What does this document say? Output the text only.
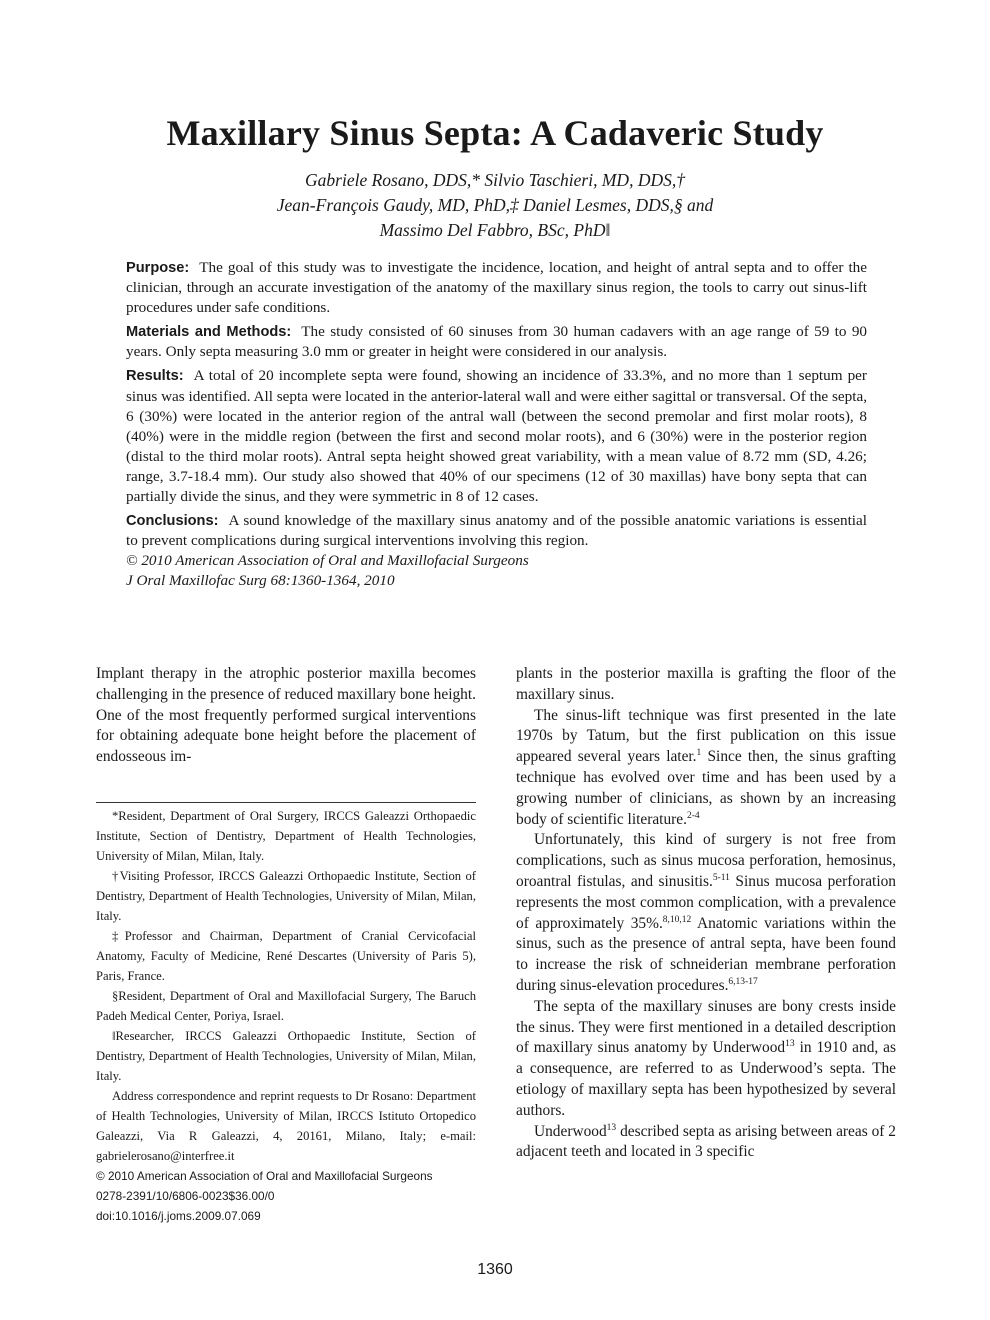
Maxillary Sinus Septa: A Cadaveric Study
Gabriele Rosano, DDS,* Silvio Taschieri, MD, DDS,†
Jean-François Gaudy, MD, PhD,‡ Daniel Lesmes, DDS,§ and
Massimo Del Fabbro, BSc, PhD‖

Purpose: The goal of this study was to investigate the incidence, location, and height of antral septa and to offer the clinician, through an accurate investigation of the anatomy of the maxillary sinus region, the tools to carry out sinus-lift procedures under safe conditions.

Materials and Methods: The study consisted of 60 sinuses from 30 human cadavers with an age range of 59 to 90 years. Only septa measuring 3.0 mm or greater in height were considered in our analysis.

Results: A total of 20 incomplete septa were found, showing an incidence of 33.3%, and no more than 1 septum per sinus was identified. All septa were located in the anterior-lateral wall and were either sagittal or transversal. Of the septa, 6 (30%) were located in the anterior region of the antral wall (between the second premolar and first molar roots), 8 (40%) were in the middle region (between the first and second molar roots), and 6 (30%) were in the posterior region (distal to the third molar roots). Antral septa height showed great variability, with a mean value of 8.72 mm (SD, 4.26; range, 3.7-18.4 mm). Our study also showed that 40% of our specimens (12 of 30 maxillas) have bony septa that can partially divide the sinus, and they were symmetric in 8 of 12 cases.

Conclusions: A sound knowledge of the maxillary sinus anatomy and of the possible anatomic variations is essential to prevent complications during surgical interventions involving this region.

© 2010 American Association of Oral and Maxillofacial Surgeons

J Oral Maxillofac Surg 68:1360-1364, 2010

Implant therapy in the atrophic posterior maxilla becomes challenging in the presence of reduced maxillary bone height. One of the most frequently performed surgical interventions for obtaining adequate bone height before the placement of endosseous im-

*Resident, Department of Oral Surgery, IRCCS Galeazzi Orthopaedic Institute, Section of Dentistry, Department of Health Technologies, University of Milan, Milan, Italy.

†Visiting Professor, IRCCS Galeazzi Orthopaedic Institute, Section of Dentistry, Department of Health Technologies, University of Milan, Milan, Italy.

‡Professor and Chairman, Department of Cranial Cervicofacial Anatomy, Faculty of Medicine, René Descartes (University of Paris 5), Paris, France.

§Resident, Department of Oral and Maxillofacial Surgery, The Baruch Padeh Medical Center, Poriya, Israel.

‖Researcher, IRCCS Galeazzi Orthopaedic Institute, Section of Dentistry, Department of Health Technologies, University of Milan, Milan, Italy.

Address correspondence and reprint requests to Dr Rosano: Department of Health Technologies, University of Milan, IRCCS Istituto Ortopedico Galeazzi, Via R Galeazzi, 4, 20161, Milano, Italy; e-mail: gabrielerosano@interfree.it

© 2010 American Association of Oral and Maxillofacial Surgeons

0278-2391/10/6806-0023$36.00/0

doi:10.1016/j.joms.2009.07.069

plants in the posterior maxilla is grafting the floor of the maxillary sinus.

The sinus-lift technique was first presented in the late 1970s by Tatum, but the first publication on this issue appeared several years later.$^1$ Since then, the sinus grafting technique has evolved over time and has been used by a growing number of clinicians, as shown by an increasing body of scientific literature.$^{2-4}$

Unfortunately, this kind of surgery is not free from complications, such as sinus mucosa perforation, hemosinus, oroantral fistulas, and sinusitis.$^{5-11}$ Sinus mucosa perforation represents the most common complication, with a prevalence of approximately 35%.$^{8,10,12}$ Anatomic variations within the sinus, such as the presence of antral septa, have been found to increase the risk of schneiderian membrane perforation during sinus-elevation procedures.$^{6,13-17}$

The septa of the maxillary sinuses are bony crests inside the sinus. They were first mentioned in a detailed description of maxillary sinus anatomy by Underwood$^{13}$ in 1910 and, as a consequence, are referred to as Underwood’s septa. The etiology of maxillary septa has been hypothesized by several authors.

Underwood$^{13}$ described septa as arising between areas of 2 adjacent teeth and located in 3 specific

1360
